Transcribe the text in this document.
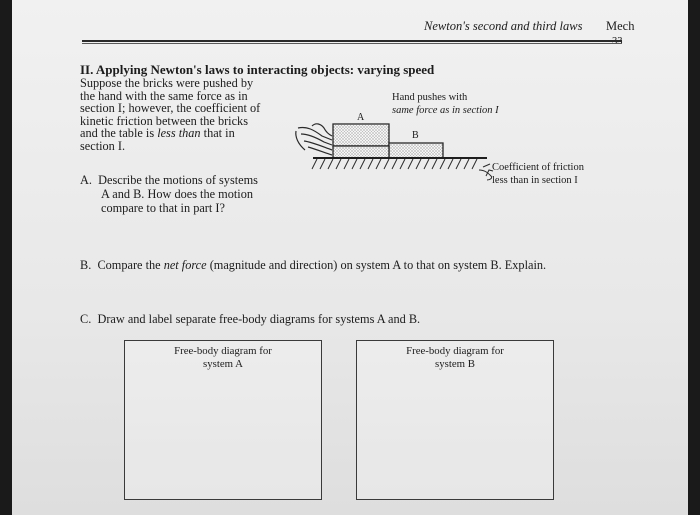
Newton's second and third laws Mech
II. Applying Newton's laws to interacting objects: varying speed
Suppose the bricks were pushed by
the hand with the same force as in
section I; however, the coefficient of
kinetic friction between the bricks
and the table is less than that in
section I.
A
B
Hand pushes with
same force as in section I
Coefficient of friction
less than in section I
A. Describe the motions of systems
A and B. How does the motion
compare to that in part I?
B. Compare the net force (magnitude and direction) on system A to that on system B. Explain.
C. Draw and label separate free-body diagrams for systems A and B.
Free-body diagram for
system A
Free-body diagram for
system B
